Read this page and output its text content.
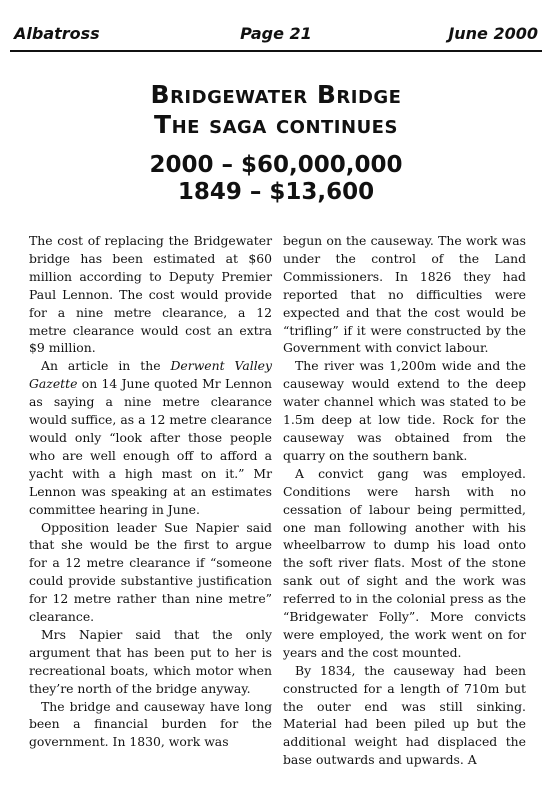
Albatross	Page 21	June 2000
Bridgewater Bridge
The saga continues
2000 – $60,000,000
1849 – $13,600

The cost of replacing the Bridgewater bridge has been estimated at $60 million according to Deputy Premier Paul Lennon. The cost would provide for a nine metre clearance, a 12 metre clearance would cost an extra $9 million.

An article in the Derwent Valley Gazette on 14 June quoted Mr Lennon as saying a nine metre clearance would suffice, as a 12 metre clearance would only “look after those people who are well enough off to afford a yacht with a high mast on it.” Mr Lennon was speaking at an estimates committee hearing in June.

Opposition leader Sue Napier said that she would be the first to argue for a 12 metre clearance if “someone could provide substantive justification for 12 metre rather than nine metre” clearance.

Mrs Napier said that the only argument that has been put to her is recreational boats, which motor when they’re north of the bridge anyway.

The bridge and causeway have long been a financial burden for the government. In 1830, work was

begun on the causeway. The work was under the control of the Land Commissioners. In 1826 they had reported that no difficulties were expected and that the cost would be “trifling” if it were constructed by the Government with convict labour.

The river was 1,200m wide and the causeway would extend to the deep water channel which was stated to be 1.5m deep at low tide. Rock for the causeway was obtained from the quarry on the southern bank.

A convict gang was employed. Conditions were harsh with no cessation of labour being permitted, one man following another with his wheelbarrow to dump his load onto the soft river flats. Most of the stone sank out of sight and the work was referred to in the colonial press as the “Bridgewater Folly”. More convicts were employed, the work went on for years and the cost mounted.

By 1834, the causeway had been constructed for a length of 710m but the outer end was still sinking. Material had been piled up but the additional weight had displaced the base outwards and upwards. A
